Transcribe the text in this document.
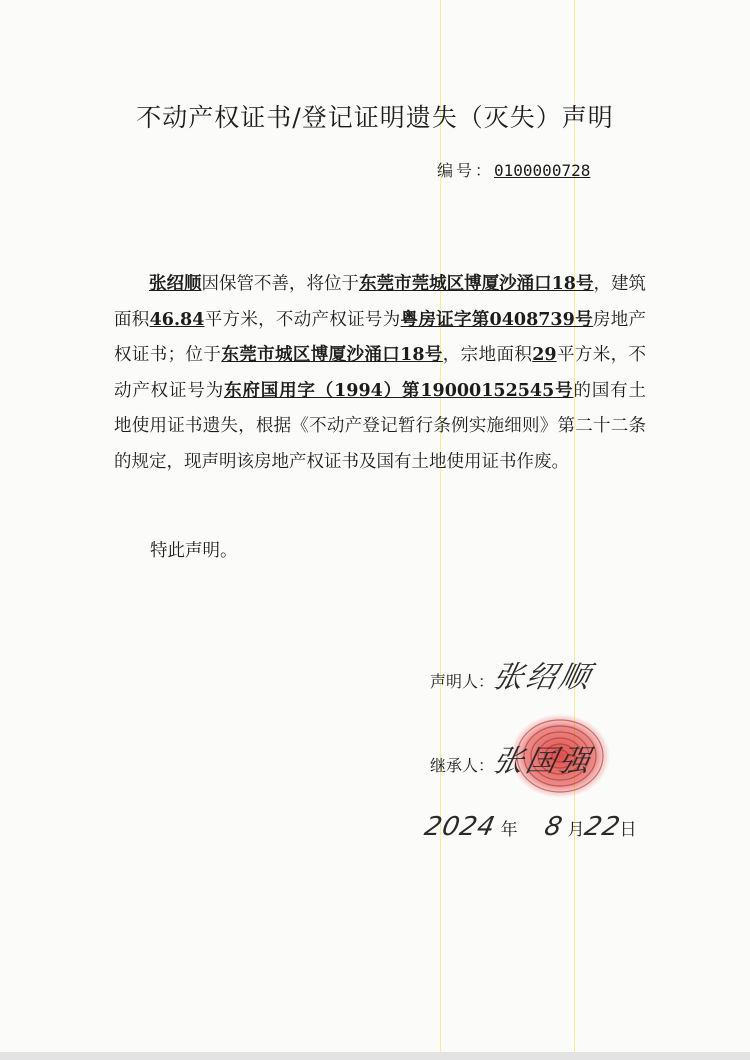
不动产权证书/登记证明遗失（灭失）声明
编号：0100000728

张绍顺因保管不善，将位于东莞市莞城区博厦沙涌口18号，建筑面积46.84平方米，不动产权证号为粤房证字第0408739号房地产权证书；位于东莞市城区博厦沙涌口18号，宗地面积29平方米，不动产权证号为东府国用字（1994）第19000152545号的国有土地使用证书遗失，根据《不动产登记暂行条例实施细则》第二十二条的规定，现声明该房地产权证书及国有土地使用证书作废。

特此声明。
声明人：张绍顺
继承人：张国强
2024 年 8 月22日
